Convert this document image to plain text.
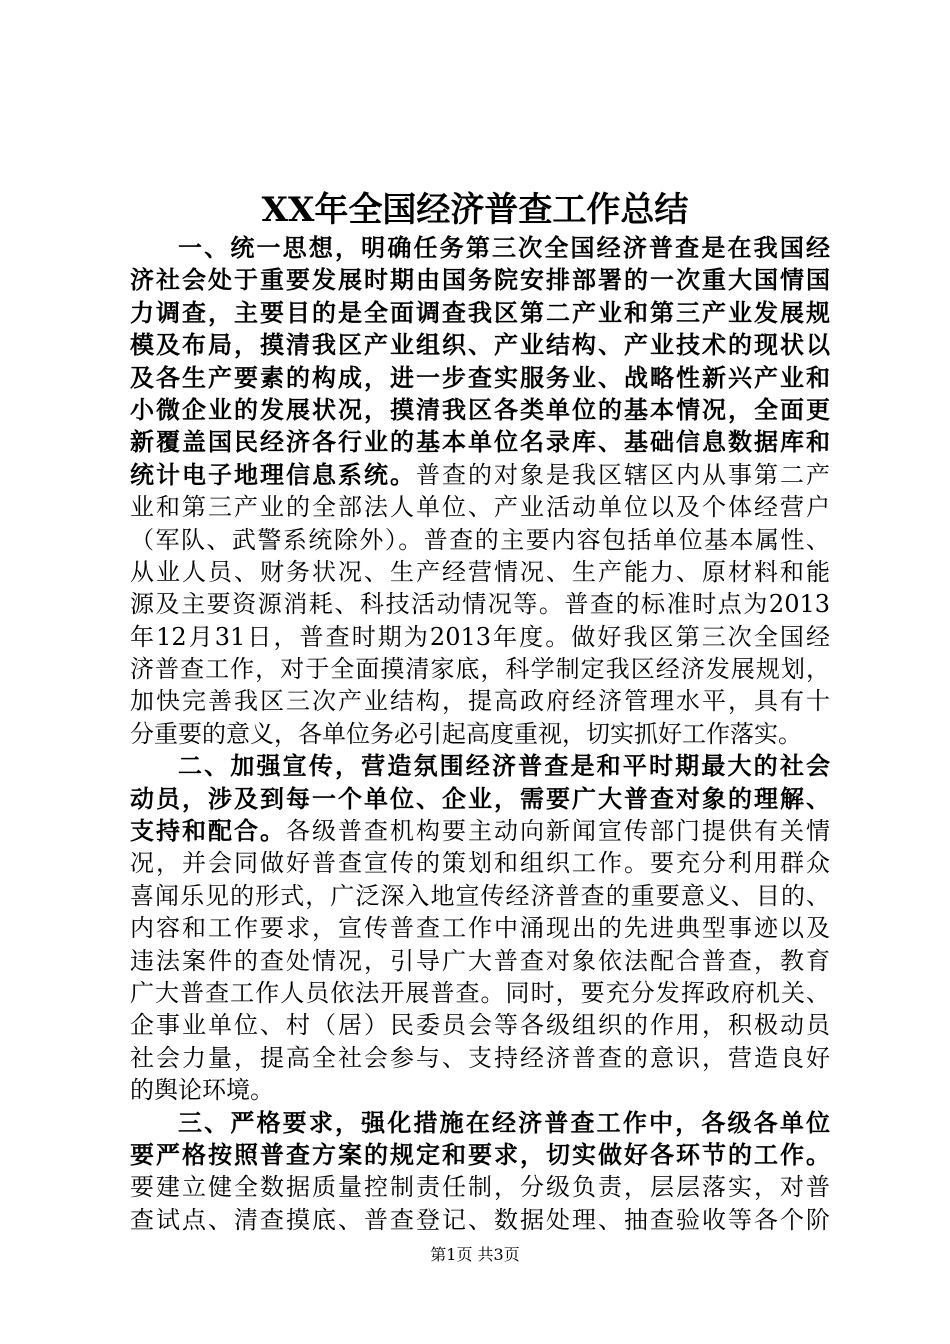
XX年全国经济普查工作总结
一、统一思想，明确任务第三次全国经济普查是在我国经
济社会处于重要发展时期由国务院安排部署的一次重大国情国
力调查，主要目的是全面调查我区第二产业和第三产业发展规
模及布局，摸清我区产业组织、产业结构、产业技术的现状以
及各生产要素的构成，进一步查实服务业、战略性新兴产业和
小微企业的发展状况，摸清我区各类单位的基本情况，全面更
新覆盖国民经济各行业的基本单位名录库、基础信息数据库和
统计电子地理信息系统。普查的对象是我区辖区内从事第二产
业和第三产业的全部法人单位、产业活动单位以及个体经营户
（军队、武警系统除外）。普查的主要内容包括单位基本属性、
从业人员、财务状况、生产经营情况、生产能力、原材料和能
源及主要资源消耗、科技活动情况等。普查的标准时点为2013
年12月31日，普查时期为2013年度。做好我区第三次全国经
济普查工作，对于全面摸清家底，科学制定我区经济发展规划，
加快完善我区三次产业结构，提高政府经济管理水平，具有十
分重要的意义，各单位务必引起高度重视，切实抓好工作落实。
二、加强宣传，营造氛围经济普查是和平时期最大的社会
动员，涉及到每一个单位、企业，需要广大普查对象的理解、
支持和配合。各级普查机构要主动向新闻宣传部门提供有关情
况，并会同做好普查宣传的策划和组织工作。要充分利用群众
喜闻乐见的形式，广泛深入地宣传经济普查的重要意义、目的、
内容和工作要求，宣传普查工作中涌现出的先进典型事迹以及
违法案件的查处情况，引导广大普查对象依法配合普查，教育
广大普查工作人员依法开展普查。同时，要充分发挥政府机关、
企事业单位、村（居）民委员会等各级组织的作用，积极动员
社会力量，提高全社会参与、支持经济普查的意识，营造良好
的舆论环境。
三、严格要求，强化措施在经济普查工作中，各级各单位
要严格按照普查方案的规定和要求，切实做好各环节的工作。
要建立健全数据质量控制责任制，分级负责，层层落实，对普
查试点、清查摸底、普查登记、数据处理、抽查验收等各个阶
第1页 共3页
